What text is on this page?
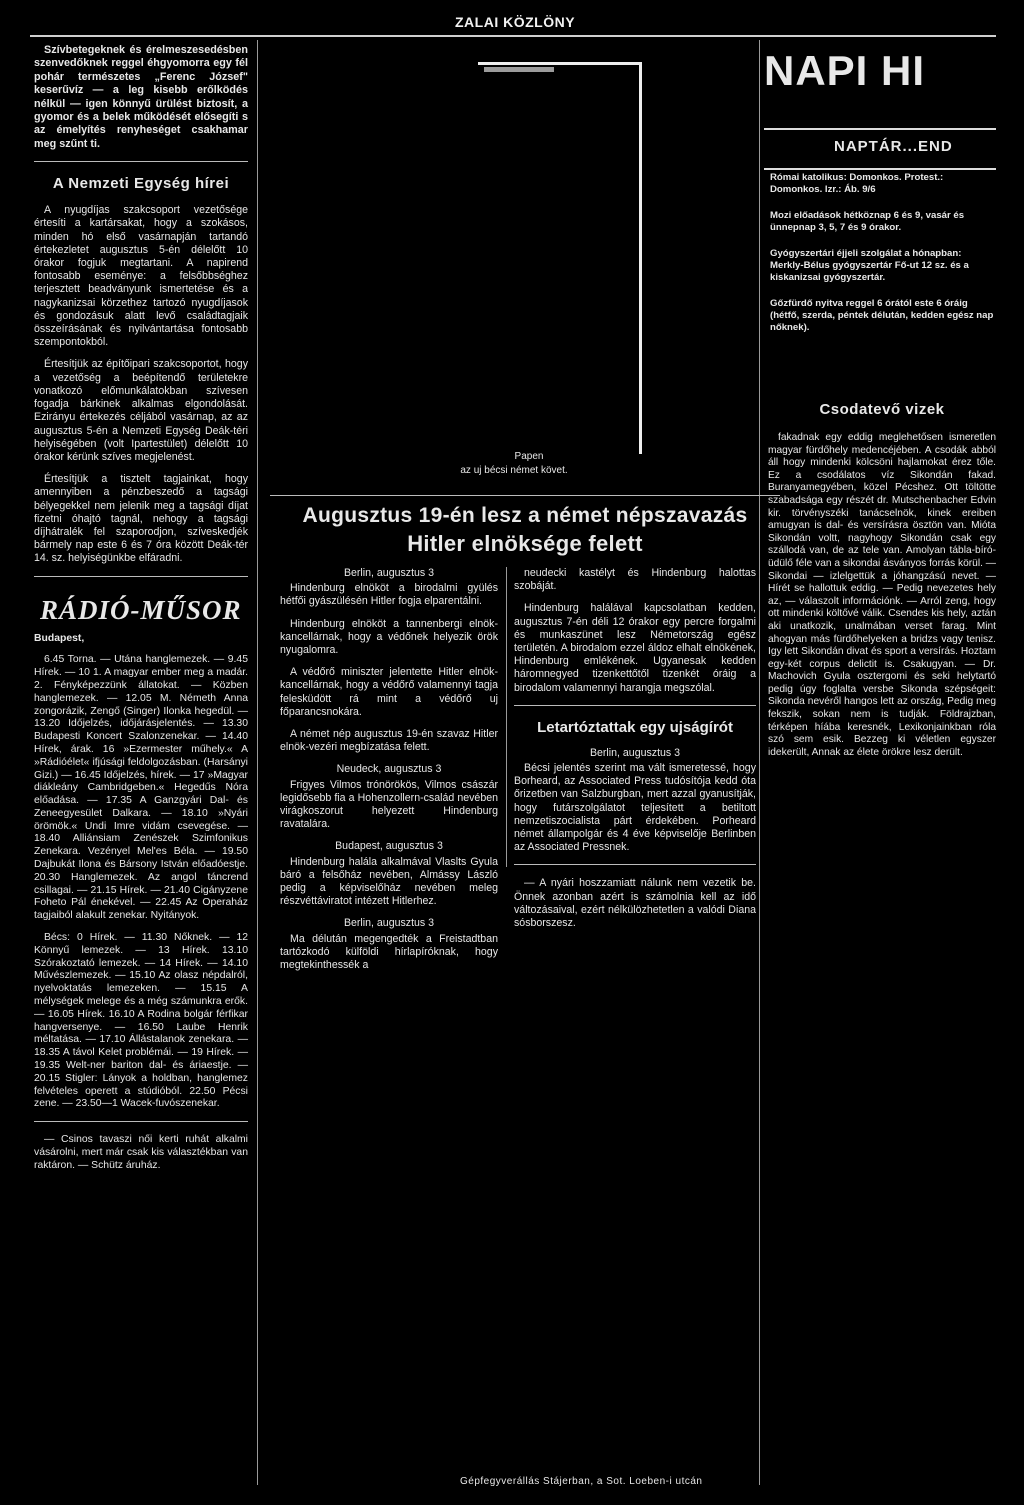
ZALAI KÖZLÖNY

Szívbetegeknek és érelmeszesedésben szenvedőknek reggel éhgyomorra egy fél pohár természetes „Ferenc József" keserűvíz — a leg kisebb erőlködés nélkül — igen könnyű ürülést biztosít, a gyomor és a belek működését elősegíti s az émelyítés renyheséget csakhamar meg szűnt ti.

A Nemzeti Egység hírei

A nyugdíjas szakcsoport vezetősége értesíti a kartársakat, hogy a szokásos, minden hó első vasárnapján tartandó értekezletet augusztus 5-én délelőtt 10 órakor fogjuk megtartani. A napirend fontosabb eseménye: a felsőbbséghez terjesztett beadványunk ismertetése és a nagykanizsai körzethez tartozó nyugdíjasok és gondozásuk alatt levő családtagjaik összeírásának és nyilvántartása fontosabb szempontokból.

Értesítjük az építőipari szakcsoportot, hogy a vezetőség a beépítendő területekre vonatkozó előmunkálatokban szívesen fogadja bárkinek alkalmas elgondolását. Ezirányu értekezés céljából vasárnap, az az augusztus 5-én a Nemzeti Egység Deák-téri helyiségében (volt Ipartestület) délelőtt 10 órakor kérünk szíves megjelenést.

Értesítjük a tisztelt tagjainkat, hogy amennyiben a pénzbeszedő a tagsági bélyegekkel nem jelenik meg a tagsági díjat fizetni óhajtó tagnál, nehogy a tagsági díjhátralék fel szaporodjon, szíveskedjék bármely nap este 6 és 7 óra között Deák-tér 14. sz. helyiségünkbe elfáradni.

RÁDIÓ-MŰSOR

Budapest,

6.45 Torna. — Utána hanglemezek. — 9.45 Hírek. — 10 1. A magyar ember meg a madár. 2. Fényképezzünk állatokat. — Közben hanglemezek. — 12.05 M. Németh Anna zongorázik, Zengő (Singer) Ilonka hegedül. — 13.20 Időjelzés, időjárásjelentés. — 13.30 Budapesti Koncert Szalonzenekar. — 14.40 Hírek, árak. 16 »Ezermester műhely.« A »Rádióélet« ifjúsági feldolgozásban. (Harsányi Gizi.) — 16.45 Időjelzés, hírek. — 17 »Magyar diákleány Cambridgeben.« Hegedűs Nóra előadása. — 17.35 A Ganzgyári Dal- és Zeneegyesület Dalkara. — 18.10 »Nyári örömök.« Undi Imre vidám csevegése. — 18.40 Alliánsiam Zenészek Szimfonikus Zenekara. Vezényel Mel'es Béla. — 19.50 Dajbukát Ilona és Bársony István előadóestje. 20.30 Hanglemezek. Az angol táncrend csillagai. — 21.15 Hírek. — 21.40 Cigányzene Foheto Pál énekével. — 22.45 Az Operaház tagjaiból alakult zenekar. Nyitányok.

Bécs: 0 Hírek. — 11.30 Nőknek. — 12 Könnyű lemezek. — 13 Hírek. 13.10 Szórakoztató lemezek. — 14 Hírek. — 14.10 Művészlemezek. — 15.10 Az olasz népdalról, nyelvoktatás lemezeken. — 15.15 A mélységek melege és a még számunkra erők. — 16.05 Hírek. 16.10 A Rodina bolgár férfikar hangversenye. — 16.50 Laube Henrik méltatása. — 17.10 Állástalanok zenekara. — 18.35 A távol Kelet problémái. — 19 Hírek. — 19.35 Welt-ner bariton dal- és áriaestje. — 20.15 Stigler: Lányok a holdban, hanglemez felvételes operett a stúdióból. 22.50 Pécsi zene. — 23.50—1 Wacek-fuvószenekar.

— Csinos tavaszi női kerti ruhát alkalmi vásárolni, mert már csak kis választékban van raktáron. — Schütz áruház.

Papen
az uj bécsi német követ.
Augusztus 19-én lesz a német népszavazás
Hitler elnöksége felett

Berlin, augusztus 3

Hindenburg elnököt a birodalmi gyülés hétfői gyászülésén Hitler fogja elparentálni.

Hindenburg elnököt a tannenbergi elnök-kancellárnak, hogy a védőnek helyezik örök nyugalomra.

A védőrő miniszter jelentette Hitler elnök-kancellárnak, hogy a védőrő valamennyi tagja felesküdött rá mint a védőrő uj főparancsnokára.

A német nép augusztus 19-én szavaz Hitler elnök-vezéri megbízatása felett.

Neudeck, augusztus 3

Frigyes Vilmos trónörökös, Vilmos császár legidősebb fia a Hohenzollern-család nevében virágkoszorut helyezett Hindenburg ravatalára.

Budapest, augusztus 3

Hindenburg halála alkalmával Vlaslts Gyula báró a felsőház nevében, Almássy László pedig a képviselőház nevében meleg részvéttáviratot intézett Hitlerhez.

Berlin, augusztus 3

Ma délután megengedték a Freistadtban tartózkodó külföldi hírlapíróknak, hogy megtekinthessék a

neudecki kastélyt és Hindenburg halottas szobáját.

Hindenburg halálával kapcsolatban kedden, augusztus 7-én déli 12 órakor egy percre forgalmi és munkaszünet lesz Németország egész területén. A birodalom ezzel áldoz elhalt elnökének, Hindenburg emlékének. Ugyanesak kedden háromnegyed tizenkettőtől tizenkét óráig a birodalom valamennyi harangja megszólal.

Letartóztattak egy ujságírót

Berlin, augusztus 3

Bécsi jelentés szerint ma vált ismeretessé, hogy Borheard, az Associated Press tudósítója kedd óta őrizetben van Salzburgban, mert azzal gyanusítják, hogy futárszolgálatot teljesített a betiltott nemzetiszocialista párt érdekében. Porheard német állampolgár és 4 éve képviselője Berlinben az Associated Pressnek.

— A nyári hoszzamiatt nálunk nem vezetik be. Önnek azonban azért is számolnia kell az idő változásaival, ezért nélkülözhetetlen a valódi Diana sósborszesz.

NAPI HI
NAPTÁR...END
Római katolikus: Domonkos. Protest.: Domonkos. Izr.: Áb. 9/6
Mozi előadások hétköznap 6 és 9, vasár és ünnepnap 3, 5, 7 és 9 órakor.
Gyógyszertári éjjeli szolgálat a hónapban: Merkly-Bélus gyógyszertár Fő-ut 12 sz. és a kiskanizsai gyógyszertár.
Gőzfürdő nyitva reggel 6 órától este 6 óráig (hétfő, szerda, péntek délután, kedden egész nap nőknek).
Csodatevő vizek

fakadnak egy eddig meglehetősen ismeretlen magyar fürdőhely medencéjében. A csodák abból áll hogy mindenki kölcsöni hajlamokat érez tőle. Ez a csodálatos víz Sikondán fakad. Buranyamegyében, közel Pécshez. Ott töltötte szabadsága egy részét dr. Mutschenbacher Edvin kir. törvényszéki tanácselnök, kinek ereiben amugyan is dal- és versírásra ösztön van. Mióta Sikondán voltt, nagyhogy Sikondán csak egy szállodá van, de az tele van. Amolyan tábla-bíró-üdülő féle van a sikondai ásványos forrás körül. — Sikondai — izlelgettük a jóhangzású nevet. — Hírét se hallottuk eddig. — Pedig nevezetes hely az, — válaszolt információnk. — Arról zeng, hogy ott mindenki költővé válik. Csendes kis hely, aztán aki unatkozik, unalmában verset farag. Mint ahogyan más fürdőhelyeken a bridzs vagy tenisz. Igy lett Sikondán divat és sport a versírás. Hoztam egy-két corpus delictit is. Csakugyan. — Dr. Machovich Gyula osztergomi és seki helytartó pedig úgy foglalta versbe Sikonda szépségeit: Sikonda nevéről hangos lett az ország, Pedig meg fekszik, sokan nem is tudják. Földrajzban, térképen híába keresnék, Lexikonjainkban róla szó sem esik. Bezzeg ki véletlen egyszer idekerült, Annak az élete örökre lesz derült.

Gépfegyverállás Stájerban, a Sot. Loeben-i utcán
